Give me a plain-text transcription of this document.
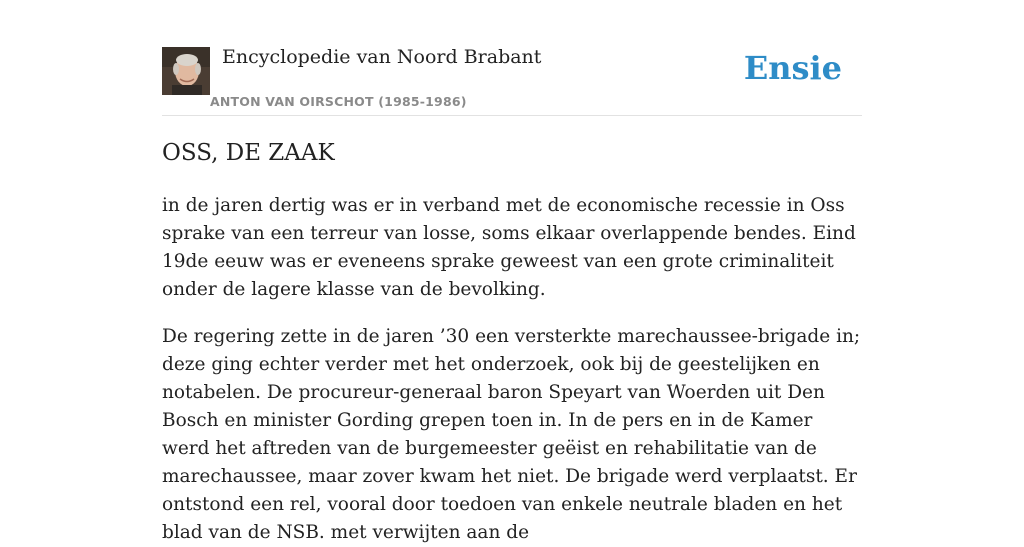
Encyclopedie van Noord Brabant
ANTON VAN OIRSCHOT (1985-1986)
Ensie
OSS, DE ZAAK

in de jaren dertig was er in verband met de economische recessie in Oss sprake van een terreur van losse, soms elkaar overlappende bendes. Eind 19de eeuw was er eveneens sprake geweest van een grote criminaliteit onder de lagere klasse van de bevolking.

De regering zette in de jaren ’30 een versterkte marechaussee-brigade in; deze ging echter verder met het onderzoek, ook bij de geestelijken en notabelen. De procureur-generaal baron Speyart van Woerden uit Den Bosch en minister Gording grepen toen in. In de pers en in de Kamer werd het aftreden van de burgemeester geëist en rehabilitatie van de marechaussee, maar zover kwam het niet. De brigade werd verplaatst. Er ontstond een rel, vooral door toedoen van enkele neutrale bladen en het blad van de NSB. met verwijten aan de
